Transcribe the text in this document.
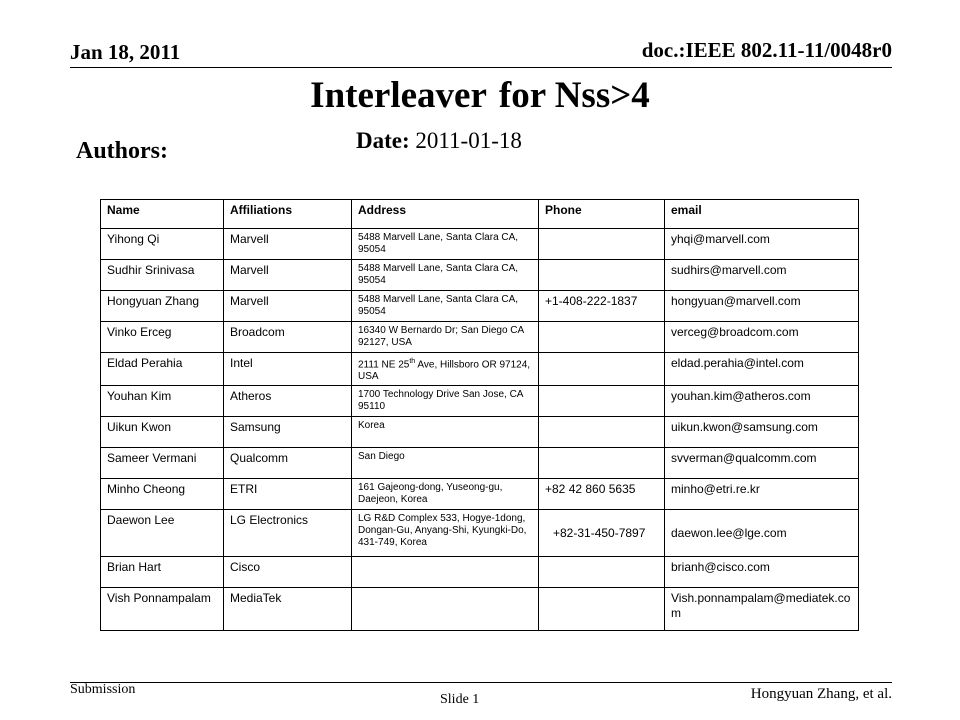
Jan 18, 2011	doc.:IEEE 802.11-11/0048r0
Interleaver for Nss>4
Authors:	Date: 2011-01-18
Name	Affiliations	Address	Phone	email
Yihong Qi	Marvell	5488 Marvell Lane, Santa Clara CA, 95054		yhqi@marvell.com
Sudhir Srinivasa	Marvell	5488 Marvell Lane, Santa Clara CA, 95054		sudhirs@marvell.com
Hongyuan Zhang	Marvell	5488 Marvell Lane, Santa Clara CA, 95054	+1-408-222-1837	hongyuan@marvell.com
Vinko Erceg	Broadcom	16340 W Bernardo Dr; San Diego CA 92127, USA		verceg@broadcom.com
Eldad Perahia	Intel	2111 NE 25th Ave, Hillsboro OR 97124, USA		eldad.perahia@intel.com
Youhan Kim	Atheros	1700 Technology Drive San Jose, CA 95110		youhan.kim@atheros.com
Uikun Kwon	Samsung	Korea		uikun.kwon@samsung.com
Sameer Vermani	Qualcomm	San Diego		svverman@qualcomm.com
Minho Cheong	ETRI	161 Gajeong-dong, Yuseong-gu, Daejeon, Korea	+82 42 860 5635	minho@etri.re.kr
Daewon Lee	LG Electronics	LG R&D Complex 533, Hogye-1dong, Dongan-Gu, Anyang-Shi, Kyungki-Do, 431-749, Korea	+82-31-450-7897	daewon.lee@lge.com
Brian Hart	Cisco			brianh@cisco.com
Vish Ponnampalam	MediaTek			Vish.ponnampalam@mediatek.com
Submission
Slide 1	Hongyuan Zhang, et al.
